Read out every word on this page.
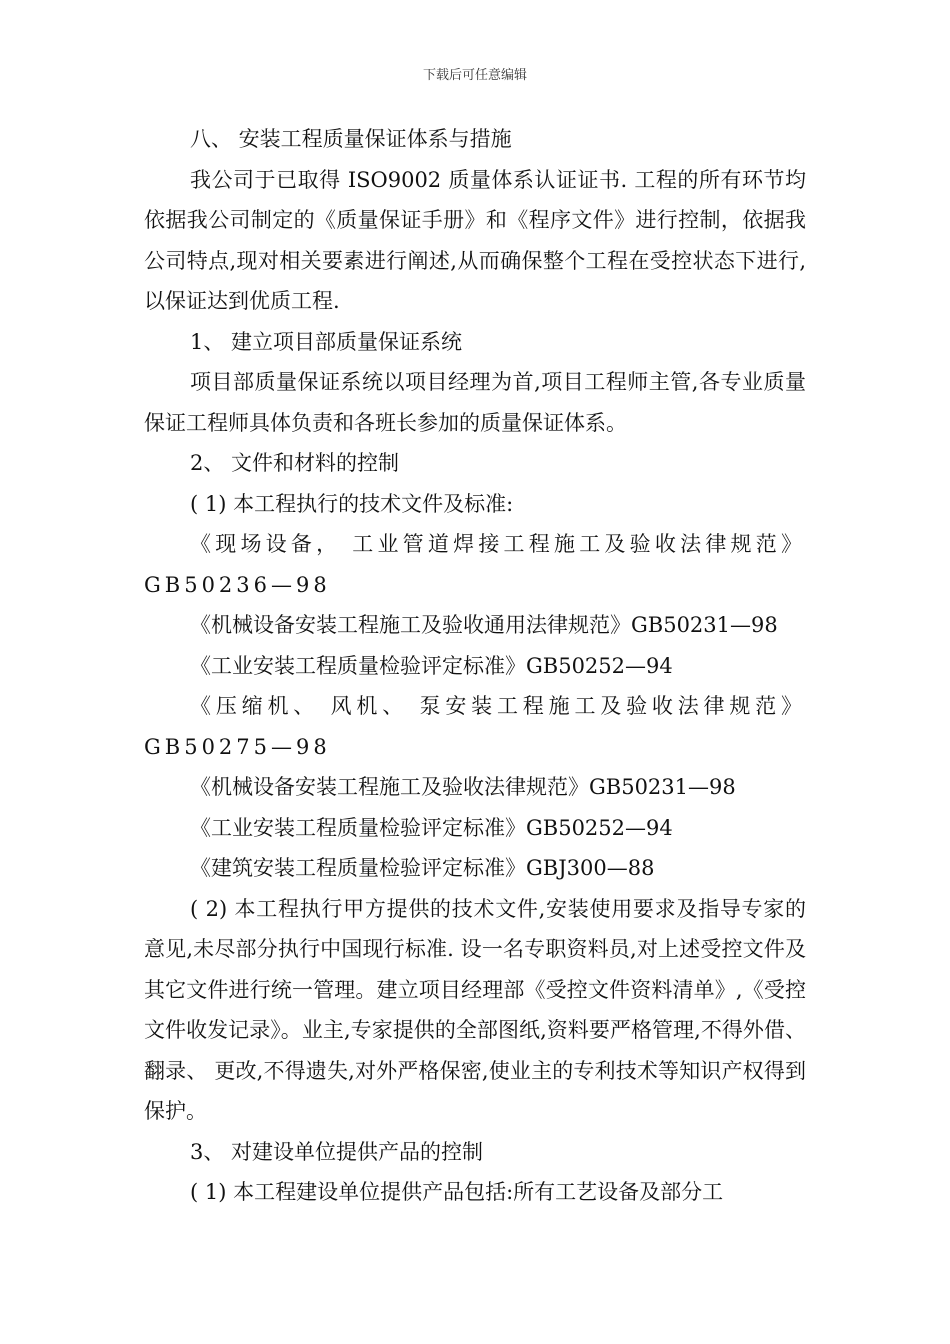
下载后可任意编辑

八、 安装工程质量保证体系与措施

我公司于已取得 ISO9002 质量体系认证证书. 工程的所有环节均依据我公司制定的《质量保证手册》和《程序文件》进行控制，依据我公司特点,现对相关要素进行阐述,从而确保整个工程在受控状态下进行,以保证达到优质工程.

1、 建立项目部质量保证系统

项目部质量保证系统以项目经理为首,项目工程师主管,各专业质量保证工程师具体负责和各班长参加的质量保证体系。

2、 文件和材料的控制

( 1) 本工程执行的技术文件及标准:

《现场设备， 工业管道焊接工程施工及验收法律规范》GB50236—98

《机械设备安装工程施工及验收通用法律规范》GB50231—98

《工业安装工程质量检验评定标准》GB50252—94

《压缩机、 风机、 泵安装工程施工及验收法律规范》GB50275—98

《机械设备安装工程施工及验收法律规范》GB50231—98

《工业安装工程质量检验评定标准》GB50252—94

《建筑安装工程质量检验评定标准》GBJ300—88

( 2) 本工程执行甲方提供的技术文件,安装使用要求及指导专家的意见,未尽部分执行中国现行标准. 设一名专职资料员,对上述受控文件及其它文件进行统一管理。建立项目经理部《受控文件资料清单》,《受控文件收发记录》。业主,专家提供的全部图纸,资料要严格管理,不得外借、 翻录、 更改,不得遗失,对外严格保密,使业主的专利技术等知识产权得到保护。

3、 对建设单位提供产品的控制

( 1) 本工程建设单位提供产品包括:所有工艺设备及部分工
